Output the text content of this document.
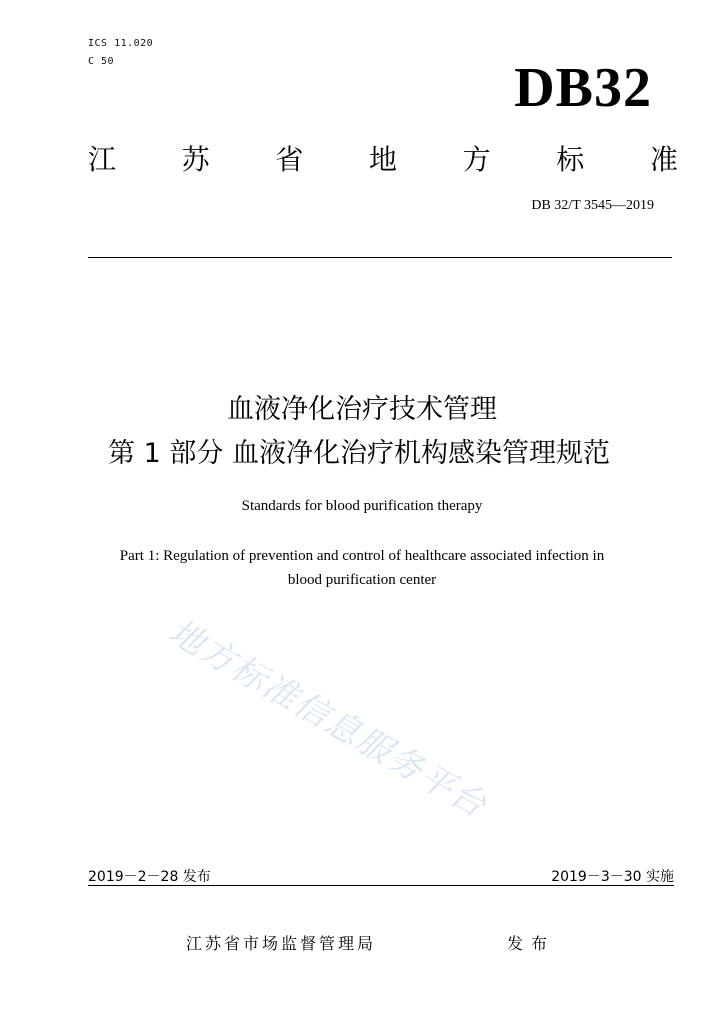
ICS 11.020
C 50	DB32
江 苏 省 地 方 标 准
DB 32/T 3545—2019
血液净化治疗技术管理
第 1 部分 血液净化治疗机构感染管理规范
Standards for blood purification therapy
Part 1: Regulation of prevention and control of healthcare associated infection in
blood purification center
地方标准信息服务平台
2019－2－28 发布	2019－3－30 实施
江苏省市场监督管理局	发布
